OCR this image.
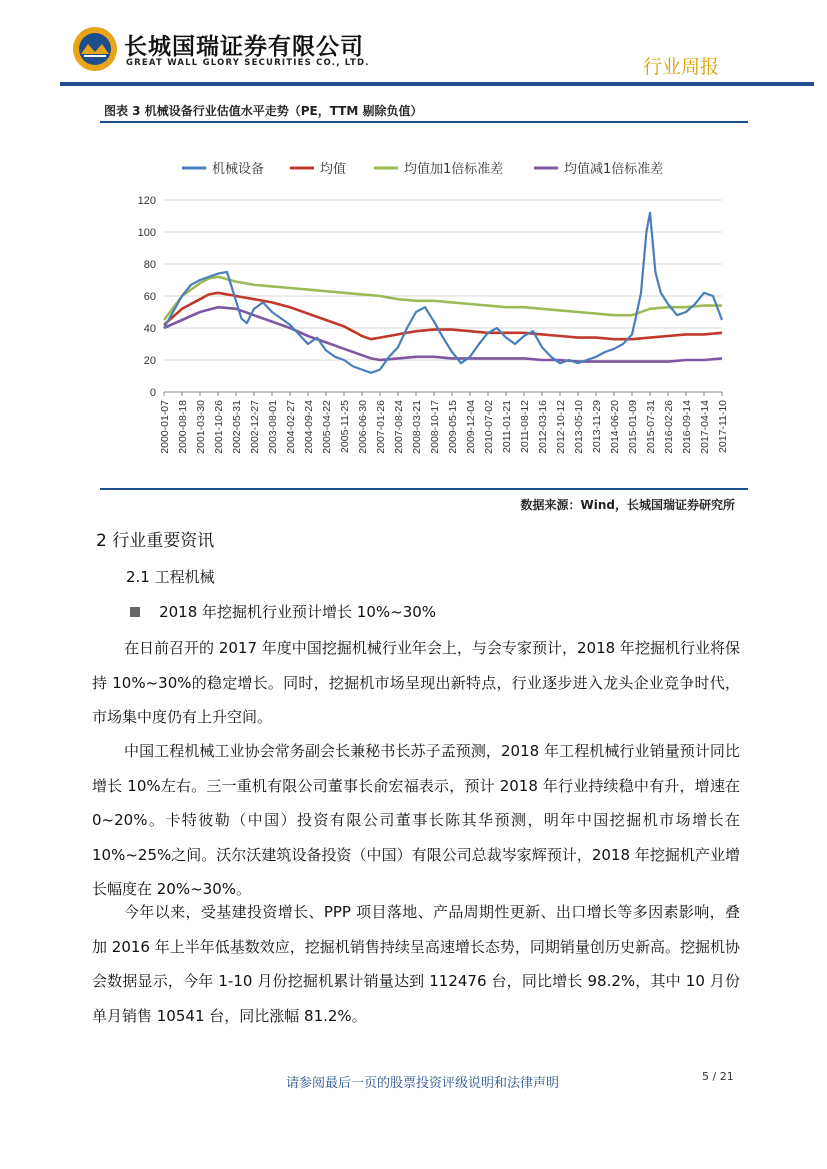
长城国瑞证券有限公司
GREAT WALL GLORY SECURITIES CO., LTD.	行业周报
图表 3 机械设备行业估值水平走势（PE，TTM 剔除负值）
0
20
40
60
80
100
120
2000-01-07 2000-08-18 2001-03-30 2001-10-26 2002-05-31 2002-12-27 2003-08-01 2004-02-27 2004-09-24 2005-04-22 2005-11-25 2006-06-30 2007-01-26 2007-08-24 2008-03-21 2008-10-17 2009-05-15 2009-12-04 2010-07-02 2011-01-21 2011-08-12 2012-03-16 2012-10-12 2013-05-10 2013-11-29 2014-06-20 2015-01-09 2015-07-31 2016-02-26 2016-09-14 2017-04-14 2017-11-10
机械设备	均值	均值加1倍标准差	均值减1倍标准差
数据来源：Wind，长城国瑞证券研究所
2 行业重要资讯
2.1 工程机械
2018 年挖掘机行业预计增长 10%~30%

在日前召开的 2017 年度中国挖掘机械行业年会上，与会专家预计，2018 年挖掘机行业将保持 10%~30%的稳定增长。同时，挖掘机市场呈现出新特点，行业逐步进入龙头企业竞争时代，市场集中度仍有上升空间。

中国工程机械工业协会常务副会长兼秘书长苏子孟预测，2018 年工程机械行业销量预计同比增长 10%左右。三一重机有限公司董事长俞宏福表示，预计 2018 年行业持续稳中有升，增速在 0~20%。卡特彼勒（中国）投资有限公司董事长陈其华预测，明年中国挖掘机市场增长在 10%~25%之间。沃尔沃建筑设备投资（中国）有限公司总裁岑家辉预计，2018 年挖掘机产业增长幅度在 20%~30%。

今年以来，受基建投资增长、PPP 项目落地、产品周期性更新、出口增长等多因素影响，叠加 2016 年上半年低基数效应，挖掘机销售持续呈高速增长态势，同期销量创历史新高。挖掘机协会数据显示，今年 1-10 月份挖掘机累计销量达到 112476 台，同比增长 98.2%，其中 10 月份单月销售 10541 台，同比涨幅 81.2%。

请参阅最后一页的股票投资评级说明和法律声明	5 / 21
